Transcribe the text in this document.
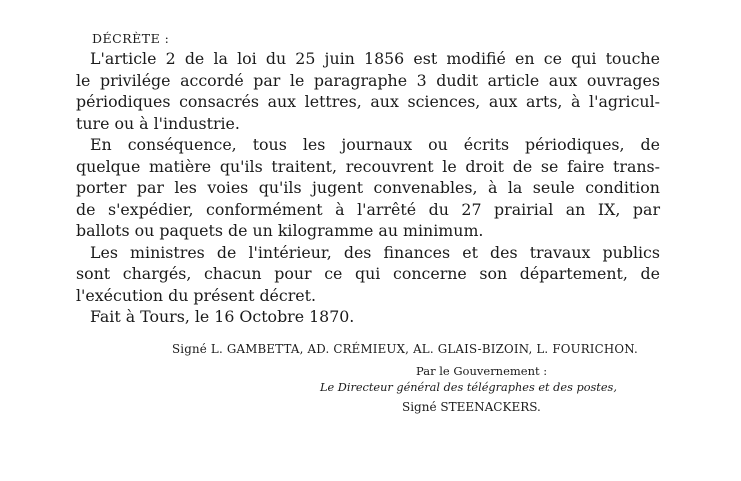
DÉCRÈTE :

L'article 2 de la loi du 25 juin 1856 est modifié en ce qui touche
le privilége accordé par le paragraphe 3 dudit article aux ouvrages
périodiques consacrés aux lettres, aux sciences, aux arts, à l'agricul-
ture ou à l'industrie.

En conséquence, tous les journaux ou écrits périodiques, de
quelque matière qu'ils traitent, recouvrent le droit de se faire trans-
porter par les voies qu'ils jugent convenables, à la seule condition
de s'expédier, conformément à l'arrêté du 27 prairial an IX, par
ballots ou paquets de un kilogramme au minimum.

Les ministres de l'intérieur, des finances et des travaux publics
sont chargés, chacun pour ce qui concerne son département, de
l'exécution du présent décret.

Fait à Tours, le 16 Octobre 1870.

Signé L. GAMBETTA, AD. CRÉMIEUX, AL. GLAIS-BIZOIN, L. FOURICHON.
Par le Gouvernement :
Le Directeur général des télégraphes et des postes,
Signé STEENACKERS.
